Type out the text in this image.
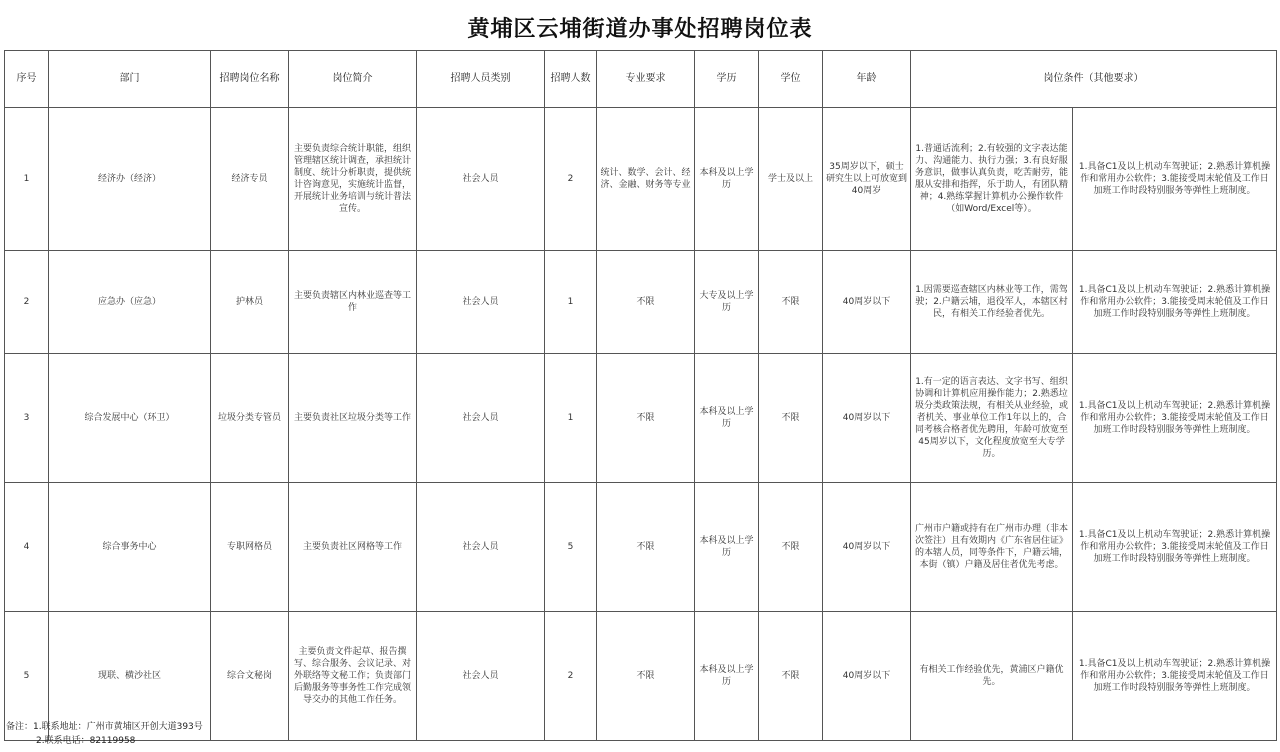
黄埔区云埔街道办事处招聘岗位表
序号	部门	招聘岗位名称	岗位简介	招聘人员类别	招聘人数	专业要求	学历	学位	年龄	岗位条件（其他要求）	
1	经济办（经济）	经济专员	主要负责综合统计职能，组织管理辖区统计调查，承担统计制度、统计分析职责，提供统计咨询意见，实施统计监督，开展统计业务培训与统计普法宣传。	社会人员	2	统计、数学、会计、经济、金融、财务等专业	本科及以上学历	学士及以上	35周岁以下，硕士研究生以上可放宽到40周岁	1.普通话流利；2.有较强的文字表达能力、沟通能力、执行力强；3.有良好服务意识，做事认真负责，吃苦耐劳，能服从安排和指挥，乐于助人，有团队精神；4.熟练掌握计算机办公操作软件（如Word/Excel等）。	1.具备C1及以上机动车驾驶证；2.熟悉计算机操作和常用办公软件；3.能接受周末轮值及工作日加班工作时段特别服务等弹性上班制度。
2	应急办（应急）	护林员	主要负责辖区内林业巡查等工作	社会人员	1	不限	大专及以上学历	不限	40周岁以下	1.因需要巡查辖区内林业等工作，需驾驶；2.户籍云埔，退役军人，本辖区村民，有相关工作经验者优先。	1.具备C1及以上机动车驾驶证；2.熟悉计算机操作和常用办公软件；3.能接受周末轮值及工作日加班工作时段特别服务等弹性上班制度。
3	综合发展中心（环卫）	垃圾分类专管员	主要负责社区垃圾分类等工作	社会人员	1	不限	本科及以上学历	不限	40周岁以下	1.有一定的语言表达、文字书写、组织协调和计算机应用操作能力；2.熟悉垃圾分类政策法规，有相关从业经验，或者机关、事业单位工作1年以上的，合同考核合格者优先聘用，年龄可放宽至45周岁以下，文化程度放宽至大专学历。	1.具备C1及以上机动车驾驶证；2.熟悉计算机操作和常用办公软件；3.能接受周末轮值及工作日加班工作时段特别服务等弹性上班制度。
4	综合事务中心	专职网格员	主要负责社区网格等工作	社会人员	5	不限	本科及以上学历	不限	40周岁以下	广州市户籍或持有在广州市办理（非本次签注）且有效期内《广东省居住证》的本辖人员，同等条件下，户籍云埔，本街（镇）户籍及居住者优先考虑。	1.具备C1及以上机动车驾驶证；2.熟悉计算机操作和常用办公软件；3.能接受周末轮值及工作日加班工作时段特别服务等弹性上班制度。
5	现联、横沙社区	综合文秘岗	主要负责文件起草、报告撰写、综合服务、会议记录、对外联络等文秘工作；负责部门后勤服务等事务性工作完成领导交办的其他工作任务。	社会人员	2	不限	本科及以上学历	不限	40周岁以下	有相关工作经验优先，黄浦区户籍优先。	1.具备C1及以上机动车驾驶证；2.熟悉计算机操作和常用办公软件；3.能接受周末轮值及工作日加班工作时段特别服务等弹性上班制度。
备注：1.联系地址：广州市黄埔区开创大道393号
2.联系电话：82119958
